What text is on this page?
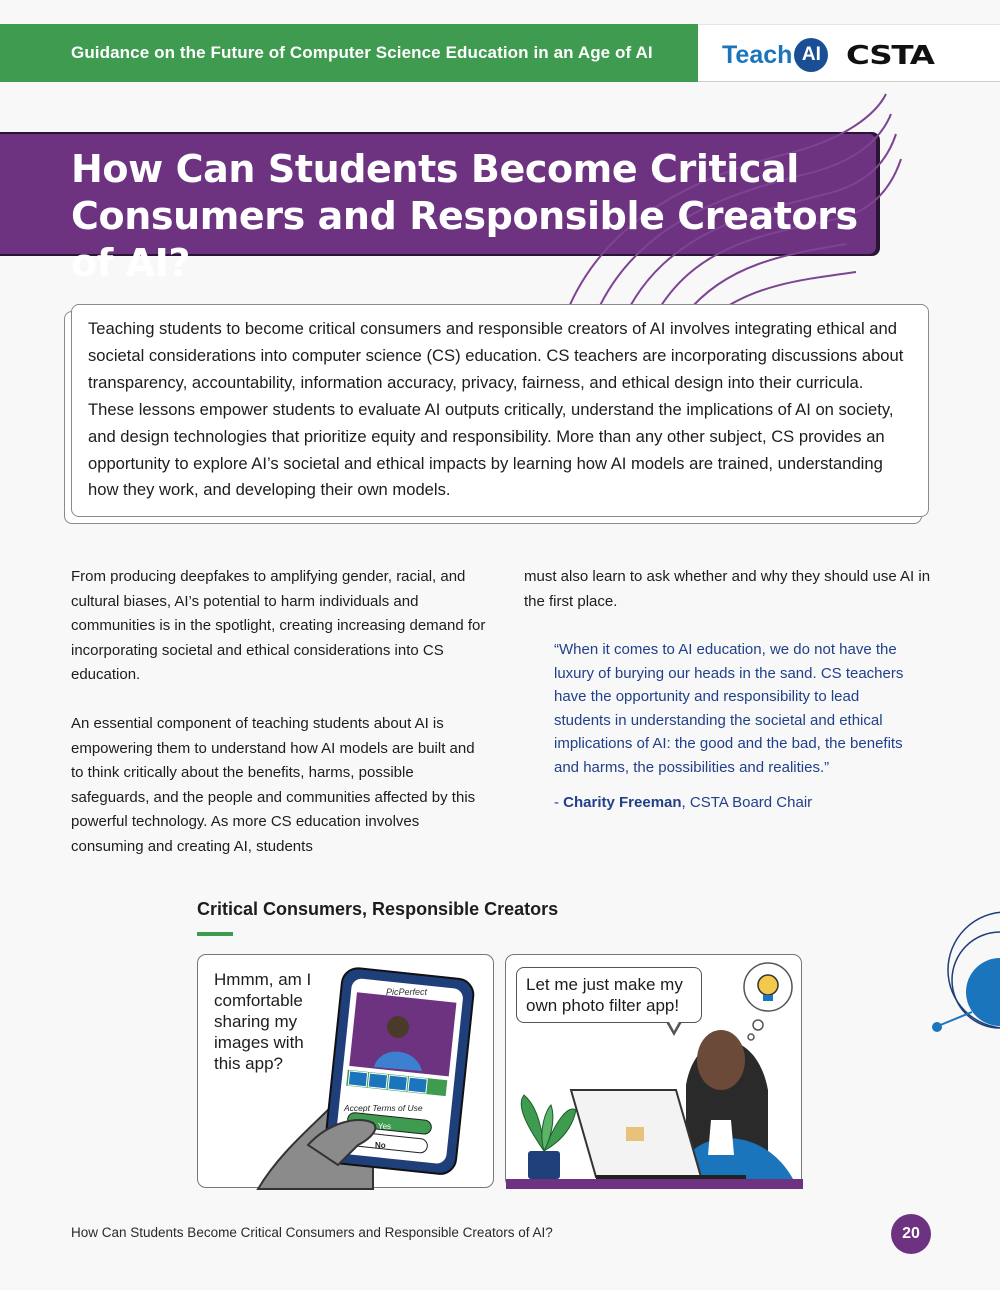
Guidance on the Future of Computer Science Education in an Age of AI	Teach AI CSTA
How Can Students Become Critical
Consumers and Responsible Creators of AI?

Teaching students to become critical consumers and responsible creators of AI involves integrating ethical and societal considerations into computer science (CS) education. CS teachers are incorporating discussions about transparency, accountability, information accuracy, privacy, fairness, and ethical design into their curricula. These lessons empower students to evaluate AI outputs critically, understand the implications of AI on society, and design technologies that prioritize equity and responsibility. More than any other subject, CS provides an opportunity to explore AI’s societal and ethical impacts by learning how AI models are trained, understanding how they work, and developing their own models.

From producing deepfakes to amplifying gender, racial, and cultural biases, AI’s potential to harm individuals and communities is in the spotlight, creating increasing demand for incorporating societal and ethical considerations into CS education.

An essential component of teaching students about AI is empowering them to understand how AI models are built and to think critically about the benefits, harms, possible safeguards, and the people and communities affected by this powerful technology. As more CS education involves consuming and creating AI, students

must also learn to ask whether and why they should use AI in the first place.

“When it comes to AI education, we do not have the luxury of burying our heads in the sand. CS teachers have the opportunity and responsibility to lead students in understanding the societal and ethical implications of AI: the good and the bad, the benefits and harms, the possibilities and realities.”

- Charity Freeman, CSTA Board Chair

Critical Consumers, Responsible Creators
Hmmm, am I comfortable sharing my images with this app?
PicPerfect
Accept Terms of Use
Yes
No
Let me just make my own photo filter app!
How Can Students Become Critical Consumers and Responsible Creators of AI?	20
